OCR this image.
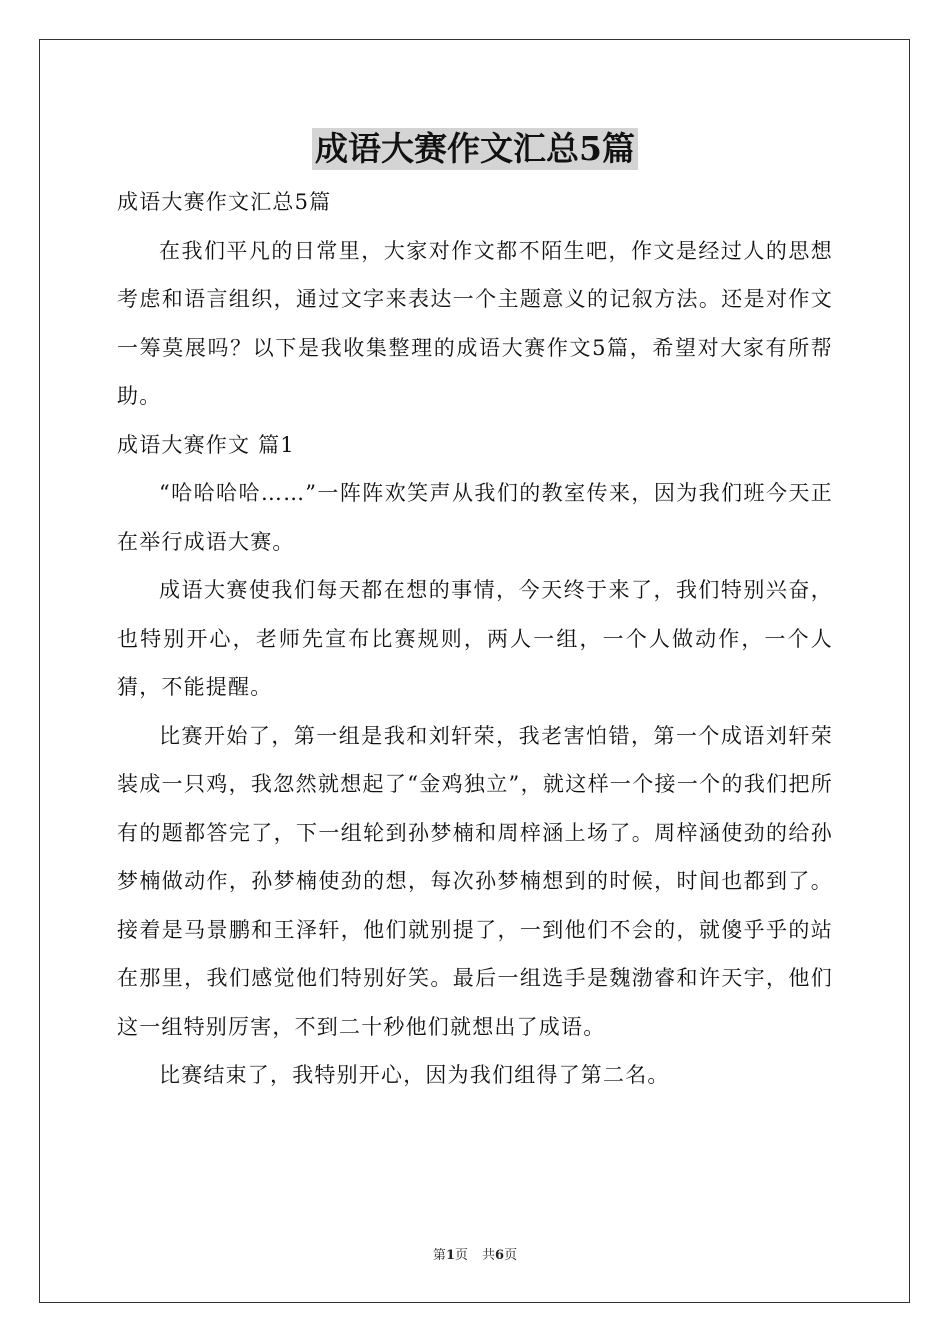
成语大赛作文汇总5篇

成语大赛作文汇总5篇

在我们平凡的日常里，大家对作文都不陌生吧，作文是经过人的思想考虑和语言组织，通过文字来表达一个主题意义的记叙方法。还是对作文一筹莫展吗？以下是我收集整理的成语大赛作文5篇，希望对大家有所帮助。

成语大赛作文 篇1

“哈哈哈哈……”一阵阵欢笑声从我们的教室传来，因为我们班今天正在举行成语大赛。

成语大赛使我们每天都在想的事情，今天终于来了，我们特别兴奋，也特别开心，老师先宣布比赛规则，两人一组，一个人做动作，一个人猜，不能提醒。

比赛开始了，第一组是我和刘轩荣，我老害怕错，第一个成语刘轩荣装成一只鸡，我忽然就想起了“金鸡独立”，就这样一个接一个的我们把所有的题都答完了，下一组轮到孙梦楠和周梓涵上场了。周梓涵使劲的给孙梦楠做动作，孙梦楠使劲的想，每次孙梦楠想到的时候，时间也都到了。接着是马景鹏和王泽轩，他们就别提了，一到他们不会的，就傻乎乎的站在那里，我们感觉他们特别好笑。最后一组选手是魏渤睿和许天宇，他们这一组特别厉害，不到二十秒他们就想出了成语。

比赛结束了，我特别开心，因为我们组得了第二名。

第1页 共6页
